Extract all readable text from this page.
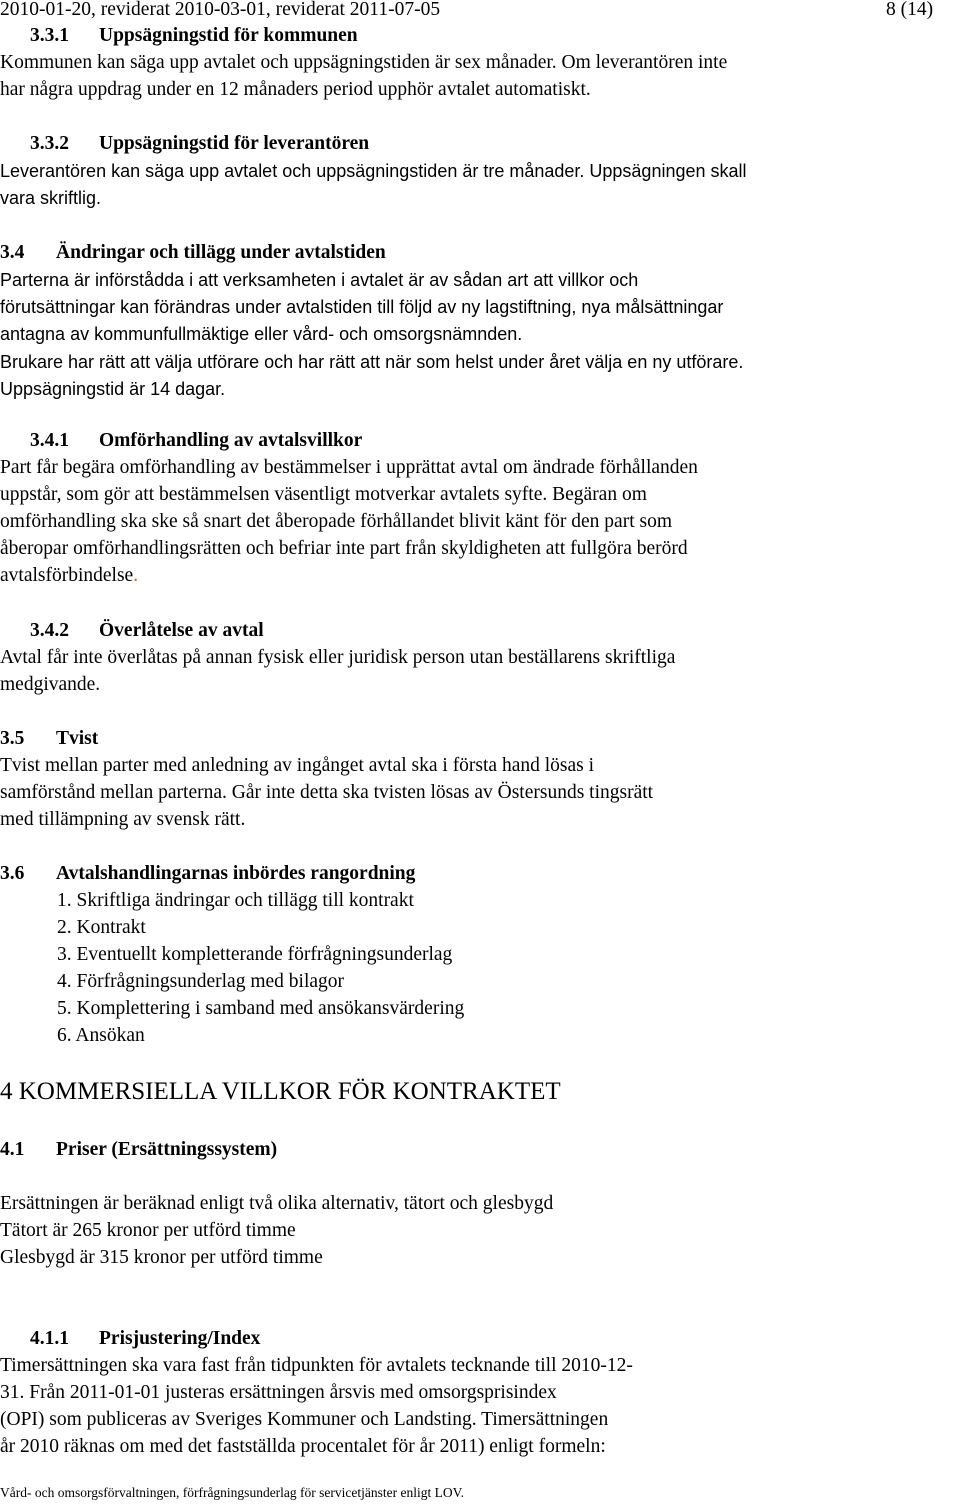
2010-01-20, reviderat 2010-03-01, reviderat 2011-07-05	8 (14)
3.3.1 Uppsägningstid för kommunen
Kommunen kan säga upp avtalet och uppsägningstiden är sex månader. Om leverantören inte
har några uppdrag under en 12 månaders period upphör avtalet automatiskt.
3.3.2 Uppsägningstid för leverantören
Leverantören kan säga upp avtalet och uppsägningstiden är tre månader. Uppsägningen skall
vara skriftlig.
3.4 Ändringar och tillägg under avtalstiden
Parterna är införstådda i att verksamheten i avtalet är av sådan art att villkor och
förutsättningar kan förändras under avtalstiden till följd av ny lagstiftning, nya målsättningar
antagna av kommunfullmäktige eller vård- och omsorgsnämnden.
Brukare har rätt att välja utförare och har rätt att när som helst under året välja en ny utförare.
Uppsägningstid är 14 dagar.
3.4.1 Omförhandling av avtalsvillkor
Part får begära omförhandling av bestämmelser i upprättat avtal om ändrade förhållanden
uppstår, som gör att bestämmelsen väsentligt motverkar avtalets syfte. Begäran om
omförhandling ska ske så snart det åberopade förhållandet blivit känt för den part som
åberopar omförhandlingsrätten och befriar inte part från skyldigheten att fullgöra berörd
avtalsförbindelse.
3.4.2 Överlåtelse av avtal
Avtal får inte överlåtas på annan fysisk eller juridisk person utan beställarens skriftliga
medgivande.
3.5 Tvist
Tvist mellan parter med anledning av ingånget avtal ska i första hand lösas i
samförstånd mellan parterna. Går inte detta ska tvisten lösas av Östersunds tingsrätt
med tillämpning av svensk rätt.
3.6 Avtalshandlingarnas inbördes rangordning
1. Skriftliga ändringar och tillägg till kontrakt
2. Kontrakt
3. Eventuellt kompletterande förfrågningsunderlag
4. Förfrågningsunderlag med bilagor
5. Komplettering i samband med ansökansvärdering
6. Ansökan
4 KOMMERSIELLA VILLKOR FÖR KONTRAKTET
4.1 Priser (Ersättningssystem)
Ersättningen är beräknad enligt två olika alternativ, tätort och glesbygd
Tätort är 265 kronor per utförd timme
Glesbygd är 315 kronor per utförd timme
4.1.1 Prisjustering/Index
Timersättningen ska vara fast från tidpunkten för avtalets tecknande till 2010-12-
31. Från 2011-01-01 justeras ersättningen årsvis med omsorgsprisindex
(OPI) som publiceras av Sveriges Kommuner och Landsting. Timersättningen
år 2010 räknas om med det fastställda procentalet för år 2011) enligt formeln:
Vård- och omsorgsförvaltningen, förfrågningsunderlag för servicetjänster enligt LOV.
